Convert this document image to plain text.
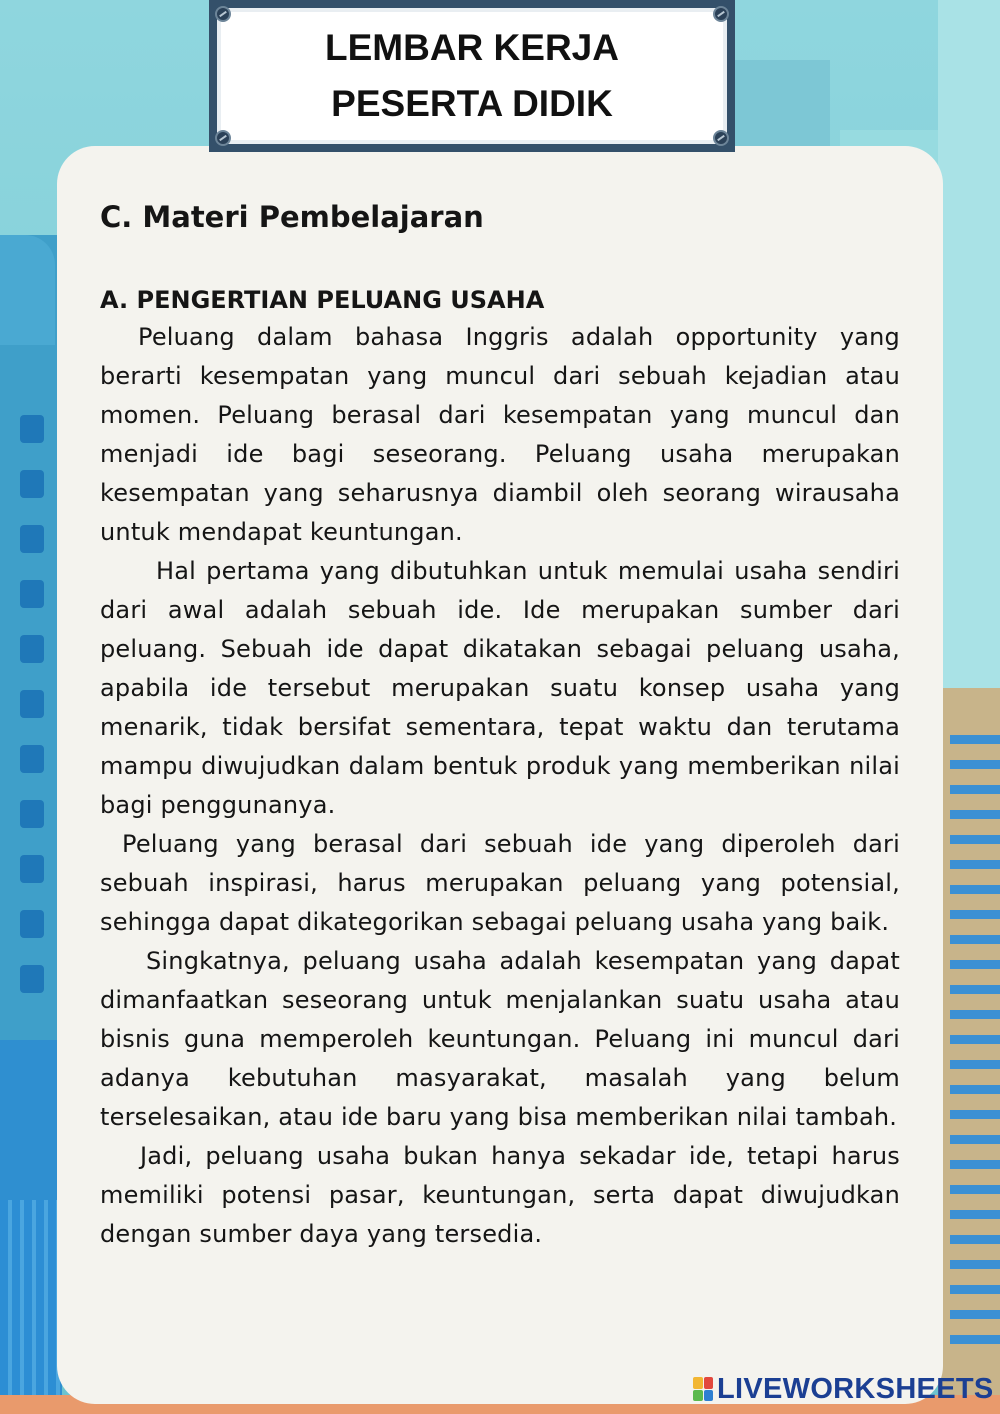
LEMBAR KERJA
PESERTA DIDIK
C. Materi Pembelajaran
A. PENGERTIAN PELUANG USAHA

Peluang dalam bahasa Inggris adalah opportunity yang berarti kesempatan yang muncul dari sebuah kejadian atau momen. Peluang berasal dari kesempatan yang muncul dan menjadi ide bagi seseorang. Peluang usaha merupakan kesempatan yang seharusnya diambil oleh seorang wirausaha untuk mendapat keuntungan.

Hal pertama yang dibutuhkan untuk memulai usaha sendiri dari awal adalah sebuah ide. Ide merupakan sumber dari peluang. Sebuah ide dapat dikatakan sebagai peluang usaha, apabila ide tersebut merupakan suatu konsep usaha yang menarik, tidak bersifat sementara, tepat waktu dan terutama mampu diwujudkan dalam bentuk produk yang memberikan nilai bagi penggunanya.

Peluang yang berasal dari sebuah ide yang diperoleh dari sebuah inspirasi, harus merupakan peluang yang potensial, sehingga dapat dikategorikan sebagai peluang usaha yang baik.

Singkatnya, peluang usaha adalah kesempatan yang dapat dimanfaatkan seseorang untuk menjalankan suatu usaha atau bisnis guna memperoleh keuntungan. Peluang ini muncul dari adanya kebutuhan masyarakat, masalah yang belum terselesaikan, atau ide baru yang bisa memberikan nilai tambah.

Jadi, peluang usaha bukan hanya sekadar ide, tetapi harus memiliki potensi pasar, keuntungan, serta dapat diwujudkan dengan sumber daya yang tersedia.

LIVEWORKSHEETS
